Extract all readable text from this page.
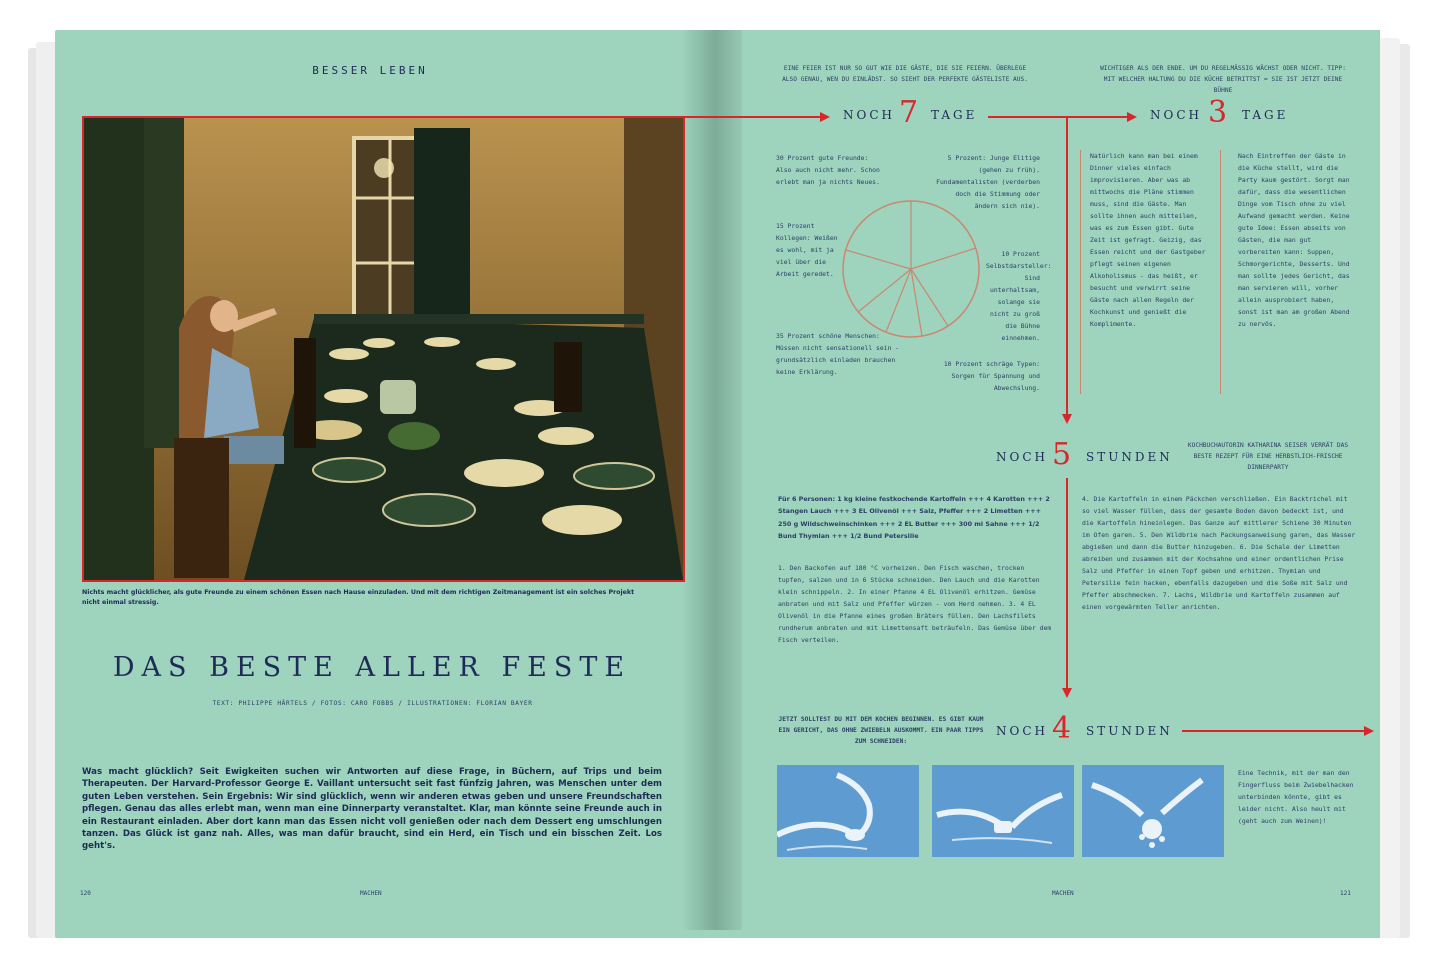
BESSER LEBEN
Nichts macht glücklicher, als gute Freunde zu einem schönen Essen nach Hause einzuladen. Und mit dem richtigen Zeitmanagement ist ein solches Projekt nicht einmal stressig.
DAS BESTE ALLER FESTE
TEXT: PHILIPPE HÄRTELS / FOTOS: CARO FOBBS / ILLUSTRATIONEN: FLORIAN BAYER
Was macht glücklich? Seit Ewigkeiten suchen wir Antworten auf diese Frage, in Büchern, auf Trips und beim Therapeuten. Der Harvard-Professor George E. Vaillant untersucht seit fast fünfzig Jahren, was Menschen unter dem guten Leben verstehen. Sein Ergebnis: Wir sind glücklich, wenn wir anderen etwas geben und unsere Freundschaften pflegen. Genau das alles erlebt man, wenn man eine Dinnerparty veranstaltet. Klar, man könnte seine Freunde auch in ein Restaurant einladen. Aber dort kann man das Essen nicht voll genießen oder nach dem Dessert eng umschlungen tanzen. Das Glück ist ganz nah. Alles, was man dafür braucht, sind ein Herd, ein Tisch und ein bisschen Zeit. Los geht's.
120	MACHEN
EINE FEIER IST NUR SO GUT WIE DIE GÄSTE, DIE SIE FEIERN. ÜBERLEGE ALSO GENAU, WEN DU EINLÄDST. SO SIEHT DER PERFEKTE GÄSTELISTE AUS.
WICHTIGER ALS DER ENDE. UM DU REGELMÄSSIG WÄCHST ODER NICHT. TIPP: MIT WELCHER HALTUNG DU DIE KÜCHE BETRITTST = SIE IST JETZT DEINE BÜHNE
NOCH 7 TAGE	NOCH 3 TAGE
30 Prozent gute Freunde: Also auch nicht mehr. Schon erlebt man ja nichts Neues.
15 Prozent Kollegen: Weißen es wohl, mit ja viel über die Arbeit geredet.
35 Prozent schöne Menschen: Müssen nicht sensationell sein - grundsätzlich einladen brauchen keine Erklärung.
5 Prozent: Junge Elitige (gehen zu früh). Fundamentalisten (verderben doch die Stimmung oder ändern sich nie).
10 Prozent Selbstdarsteller: Sind unterhaltsam, solange sie nicht zu groß die Bühne einnehmen.
10 Prozent schräge Typen: Sorgen für Spannung und Abwechslung.
Natürlich kann man bei einem Dinner vieles einfach improvisieren. Aber was ab mittwochs die Pläne stimmen muss, sind die Gäste. Man sollte ihnen auch mitteilen, was es zum Essen gibt. Gute Zeit ist gefragt. Geizig, das Essen reicht und der Gastgeber pflegt seinen eigenen Alkoholismus - das heißt, er besucht und verwirrt seine Gäste nach allen Regeln der Kochkunst und genießt die Komplimente.
Nach Eintreffen der Gäste in die Küche stellt, wird die Party kaum gestört. Sorgt man dafür, dass die wesentlichen Dinge vom Tisch ohne zu viel Aufwand gemacht werden. Keine gute Idee: Essen abseits von Gästen, die man gut vorbereiten kann: Suppen, Schmorgerichte, Desserts. Und man sollte jedes Gericht, das man servieren will, vorher allein ausprobiert haben, sonst ist man am großen Abend zu nervös.
NOCH 5 STUNDEN
KOCHBUCHAUTORIN KATHARINA SEISER VERRÄT DAS BESTE REZEPT FÜR EINE HERBSTLICH-FRISCHE DINNERPARTY
Für 6 Personen: 1 kg kleine festkochende Kartoffeln +++ 4 Karotten +++ 2 Stangen Lauch +++ 3 EL Olivenöl +++ Salz, Pfeffer +++ 2 Limetten +++ 250 g Wildschweinschinken +++ 2 EL Butter +++ 300 ml Sahne +++ 1/2 Bund Thymian +++ 1/2 Bund Petersilie
1. Den Backofen auf 180 °C vorheizen. Den Fisch waschen, trocken tupfen, salzen und in 6 Stücke schneiden. Den Lauch und die Karotten klein schnippeln. 2. In einer Pfanne 4 EL Olivenöl erhitzen. Gemüse anbraten und mit Salz und Pfeffer würzen - vom Herd nehmen. 3. 4 EL Olivenöl in die Pfanne eines großen Bräters füllen. Den Lachsfilets rundherum anbraten und mit Limettensaft beträufeln. Das Gemüse über dem Fisch verteilen.
4. Die Kartoffeln in einem Päckchen verschließen. Ein Backtrichel mit so viel Wasser füllen, dass der gesamte Boden davon bedeckt ist, und die Kartoffeln hineinlegen. Das Ganze auf mittlerer Schiene 30 Minuten im Ofen garen. 5. Den Wildbrie nach Packungsanweisung garen, das Wasser abgießen und dann die Butter hinzugeben. 6. Die Schale der Limetten abreiben und zusammen mit der Kochsahne und einer ordentlichen Prise Salz und Pfeffer in einen Topf geben und erhitzen. Thymian und Petersilie fein hacken, ebenfalls dazugeben und die Soße mit Salz und Pfeffer abschmecken. 7. Lachs, Wildbrie und Kartoffeln zusammen auf einen vorgewärmten Teller anrichten.
JETZT SOLLTEST DU MIT DEM KOCHEN BEGINNEN. ES GIBT KAUM EIN GERICHT, DAS OHNE ZWIEBELN AUSKOMMT. EIN PAAR TIPPS ZUM SCHNEIDEN:
NOCH 4 STUNDEN
Eine Technik, mit der man den Fingerfluss beim Zwiebelhacken unterbinden könnte, gibt es leider nicht. Also heult mit (geht auch zum Weinen)!
MACHEN	121
